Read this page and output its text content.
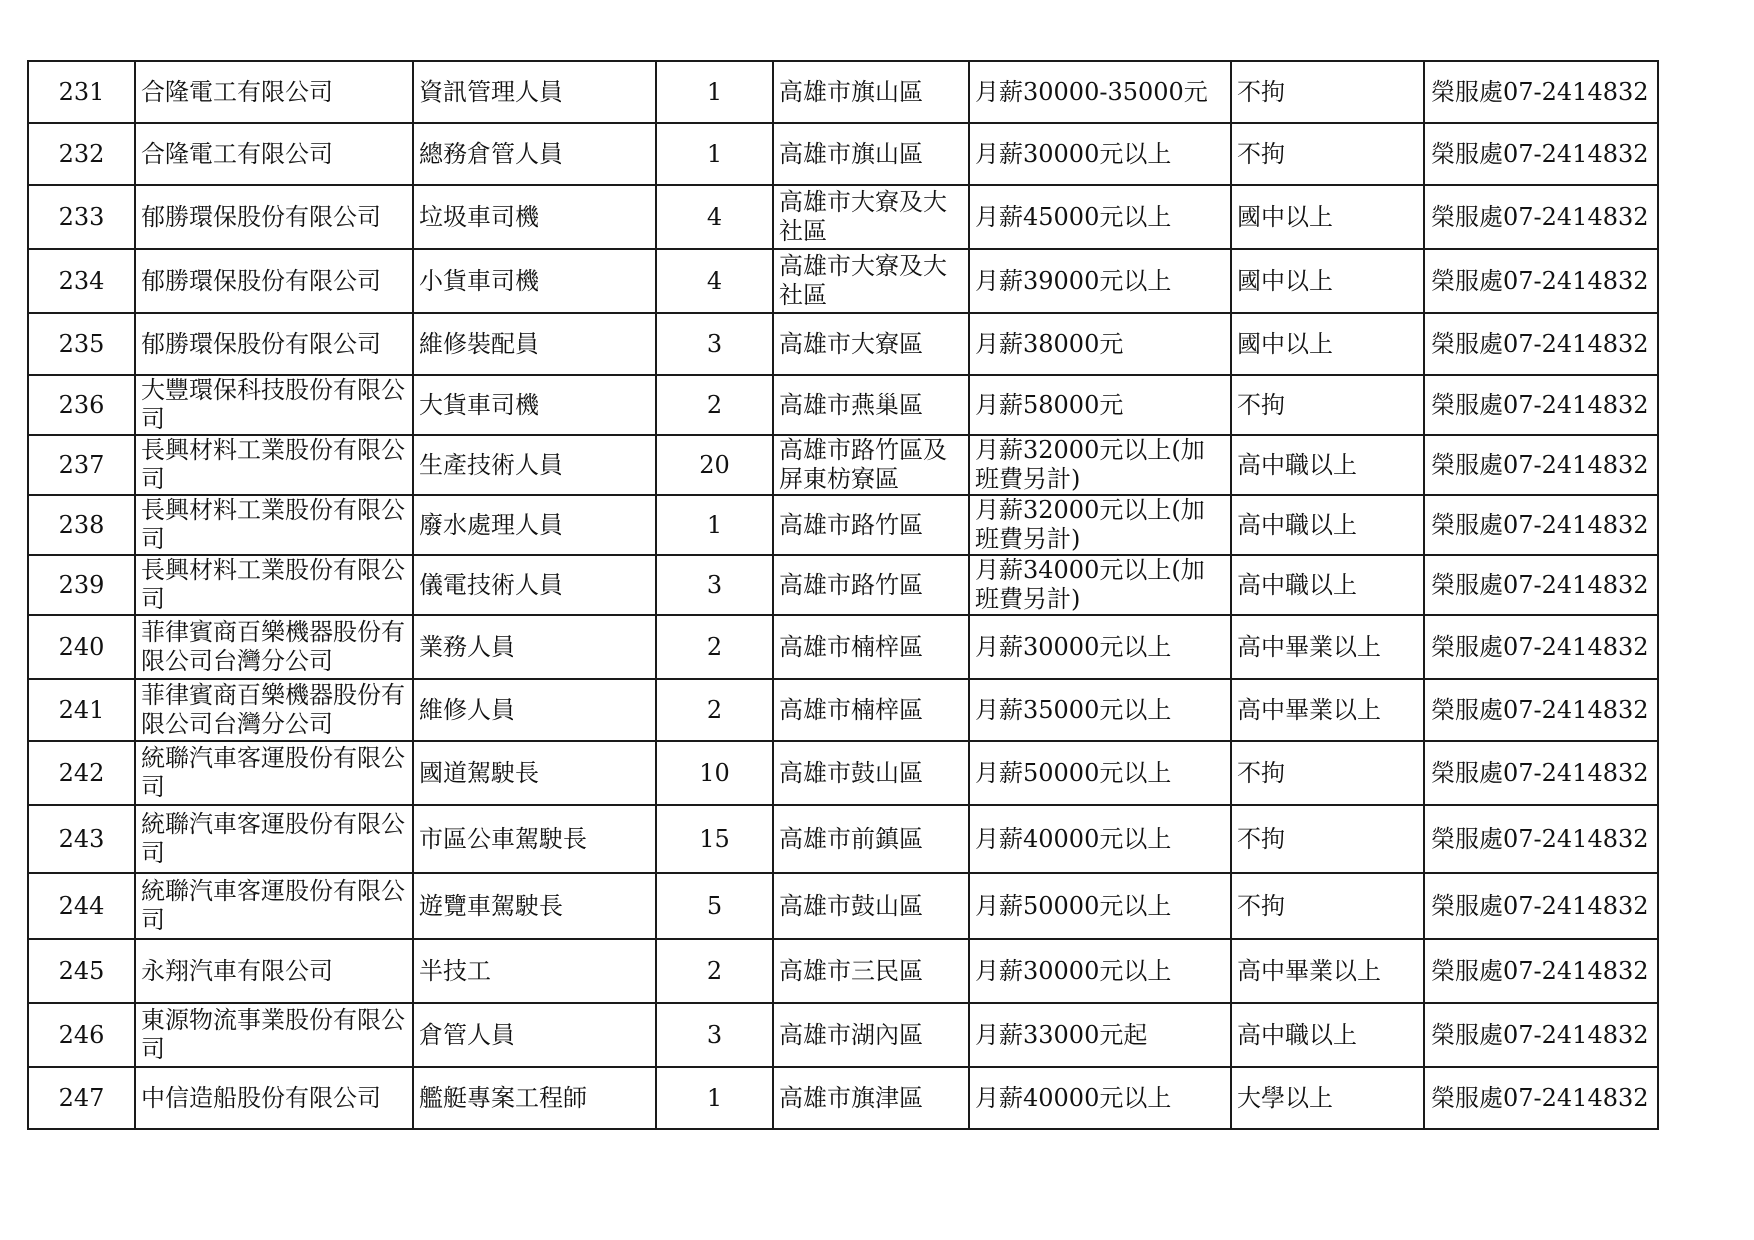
231	合隆電工有限公司	資訊管理人員	1	高雄市旗山區	月薪30000-35000元	不拘	榮服處07-2414832
232	合隆電工有限公司	總務倉管人員	1	高雄市旗山區	月薪30000元以上	不拘	榮服處07-2414832
233	郁勝環保股份有限公司	垃圾車司機	4	高雄市大寮及大社區	月薪45000元以上	國中以上	榮服處07-2414832
234	郁勝環保股份有限公司	小貨車司機	4	高雄市大寮及大社區	月薪39000元以上	國中以上	榮服處07-2414832
235	郁勝環保股份有限公司	維修裝配員	3	高雄市大寮區	月薪38000元	國中以上	榮服處07-2414832
236	大豐環保科技股份有限公司	大貨車司機	2	高雄市燕巢區	月薪58000元	不拘	榮服處07-2414832
237	長興材料工業股份有限公司	生產技術人員	20	高雄市路竹區及屏東枋寮區	月薪32000元以上(加班費另計)	高中職以上	榮服處07-2414832
238	長興材料工業股份有限公司	廢水處理人員	1	高雄市路竹區	月薪32000元以上(加班費另計)	高中職以上	榮服處07-2414832
239	長興材料工業股份有限公司	儀電技術人員	3	高雄市路竹區	月薪34000元以上(加班費另計)	高中職以上	榮服處07-2414832
240	菲律賓商百樂機器股份有限公司台灣分公司	業務人員	2	高雄市楠梓區	月薪30000元以上	高中畢業以上	榮服處07-2414832
241	菲律賓商百樂機器股份有限公司台灣分公司	維修人員	2	高雄市楠梓區	月薪35000元以上	高中畢業以上	榮服處07-2414832
242	統聯汽車客運股份有限公司	國道駕駛長	10	高雄市鼓山區	月薪50000元以上	不拘	榮服處07-2414832
243	統聯汽車客運股份有限公司	市區公車駕駛長	15	高雄市前鎮區	月薪40000元以上	不拘	榮服處07-2414832
244	統聯汽車客運股份有限公司	遊覽車駕駛長	5	高雄市鼓山區	月薪50000元以上	不拘	榮服處07-2414832
245	永翔汽車有限公司	半技工	2	高雄市三民區	月薪30000元以上	高中畢業以上	榮服處07-2414832
246	東源物流事業股份有限公司	倉管人員	3	高雄市湖內區	月薪33000元起	高中職以上	榮服處07-2414832
247	中信造船股份有限公司	艦艇專案工程師	1	高雄市旗津區	月薪40000元以上	大學以上	榮服處07-2414832
